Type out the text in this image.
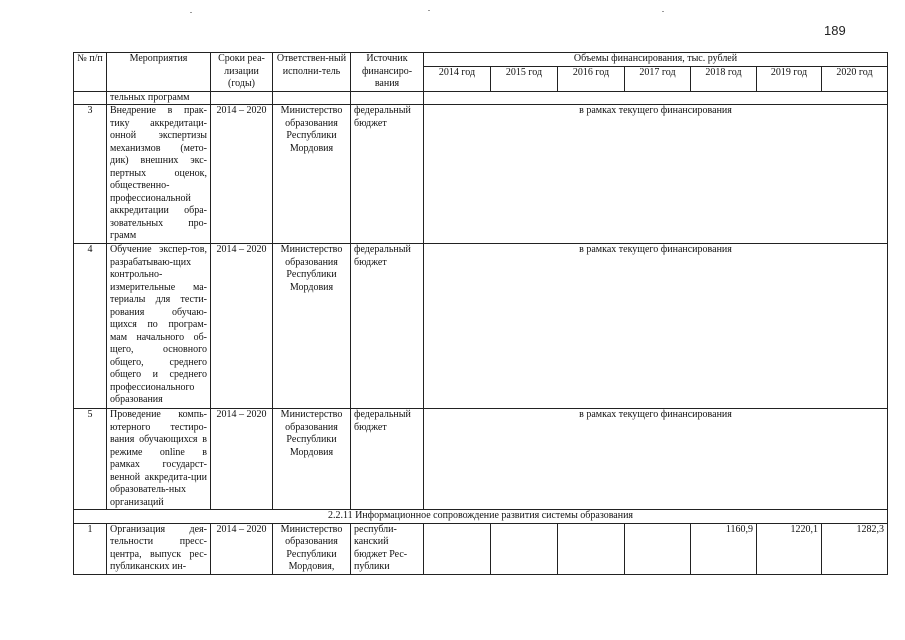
189
№ п/п	Мероприятия	Сроки реа-лизации (годы)	Ответствен-ный исполни-тель	Источник финансиро-вания	Объемы финансирования, тыс. рублей						
					2014 год	2015 год	2016 год	2017 год	2018 год	2019 год	2020 год
	тельных программ										
3	Внедрение в прак-тику аккредитаци-онной экспертизы механизмов (мето-дик) внешних экс-пертных оценок, общественно-профессиональной аккредитации обра-зовательных про-грамм	2014 – 2020	Министерство образования Республики Мордовия	федеральный бюджет	в рамках текущего финансирования						
4	Обучение экспер-тов, разрабатываю-щих контрольно-измерительные ма-териалы для тести-рования обучаю-щихся по програм-мам начального об-щего, основного общего, среднего общего и среднего профессионального образования	2014 – 2020	Министерство образования Республики Мордовия	федеральный бюджет	в рамках текущего финансирования						
5	Проведение компь-ютерного тестиро-вания обучающихся в режиме online в рамках государст-венной аккредита-ции образователь-ных организаций	2014 – 2020	Министерство образования Республики Мордовия	федеральный бюджет	в рамках текущего финансирования						
2.2.11 Информационное сопровождение развития системы образования											
1	Организация дея-тельности пресс-центра, выпуск рес-публиканских ин-	2014 – 2020	Министерство образования Республики Мордовия,	республи-канский бюджет Рес-публики					1160,9	1220,1	1282,3
